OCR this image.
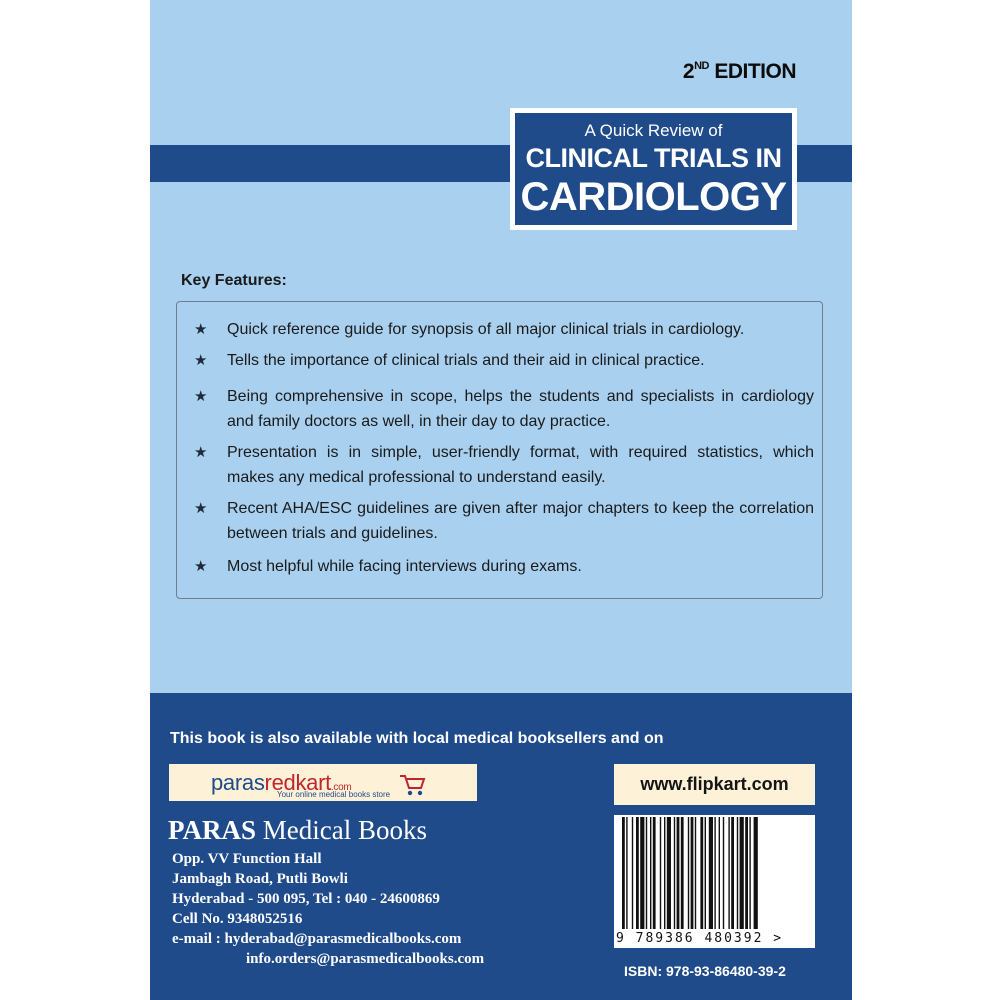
2ND EDITION
A Quick Review of
CLINICAL TRIALS IN
CARDIOLOGY
Key Features:
★ Quick reference guide for synopsis of all major clinical trials in cardiology.
★ Tells the importance of clinical trials and their aid in clinical practice.
★ Being comprehensive in scope, helps the students and specialists in cardiology and family doctors as well, in their day to day practice.
★ Presentation is in simple, user-friendly format, with required statistics, which makes any medical professional to understand easily.
★ Recent AHA/ESC guidelines are given after major chapters to keep the correlation between trials and guidelines.
★ Most helpful while facing interviews during exams.
This book is also available with local medical booksellers and on
parasredkart.com
Your online medical books store
www.flipkart.com
PARAS Medical Books
Opp. VV Function Hall
Jambagh Road, Putli Bowli
Hyderabad - 500 095, Tel : 040 - 24600869
Cell No. 9348052516
e-mail : hyderabad@parasmedicalbooks.com
info.orders@parasmedicalbooks.com
9 789386 480392 >
ISBN: 978-93-86480-39-2
